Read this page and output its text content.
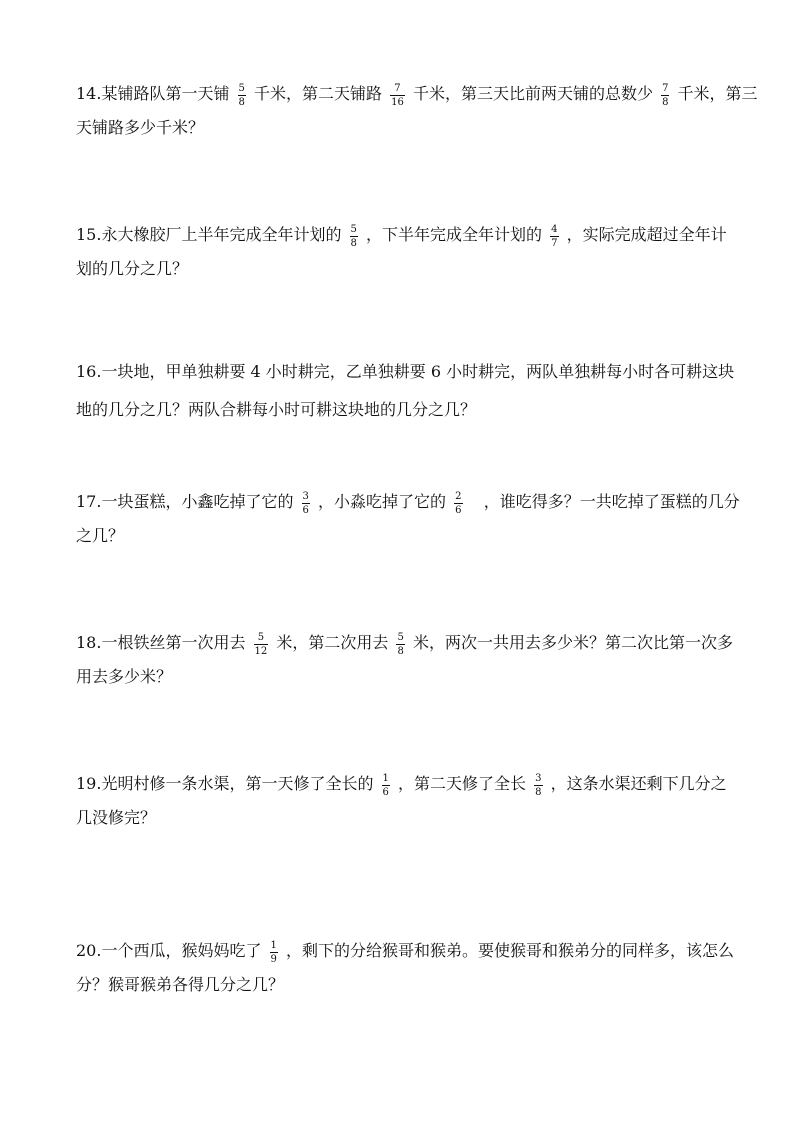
14.某铺路队第一天铺 $\frac{5}{8}$ 千米，第二天铺路 $\frac{7}{16}$ 千米，第三天比前两天铺的总数少 $\frac{7}{8}$ 千米，第三
天铺路多少千米？
15.永大橡胶厂上半年完成全年计划的 $\frac{5}{8}$ ，下半年完成全年计划的 $\frac{4}{7}$ ，实际完成超过全年计
划的几分之几？
16.一块地，甲单独耕要 4 小时耕完，乙单独耕要 6 小时耕完，两队单独耕每小时各可耕这块
地的几分之几？两队合耕每小时可耕这块地的几分之几？
17.一块蛋糕，小鑫吃掉了它的 $\frac{3}{6}$ ，小淼吃掉了它的 $\frac{2}{6}$ ，谁吃得多？一共吃掉了蛋糕的几分
之几？
18.一根铁丝第一次用去 $\frac{5}{12}$ 米，第二次用去 $\frac{5}{8}$ 米，两次一共用去多少米？第二次比第一次多
用去多少米？
19.光明村修一条水渠，第一天修了全长的 $\frac{1}{6}$ ，第二天修了全长 $\frac{3}{8}$ ，这条水渠还剩下几分之
几没修完？
20.一个西瓜，猴妈妈吃了 $\frac{1}{9}$ ，剩下的分给猴哥和猴弟。要使猴哥和猴弟分的同样多，该怎么
分？猴哥猴弟各得几分之几？
